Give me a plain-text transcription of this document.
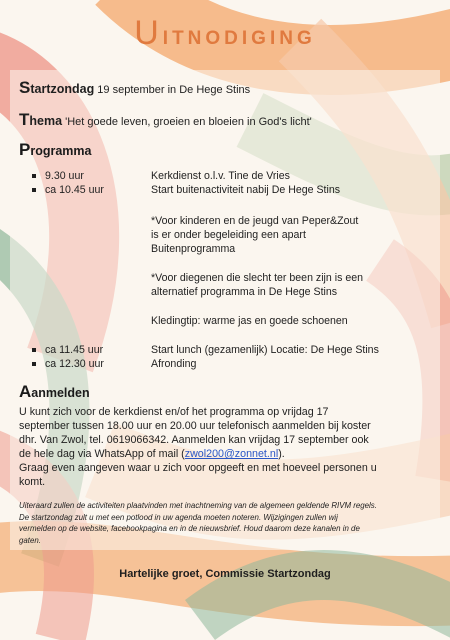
UITNODIGING
Startzondag 19 september in De Hege Stins
Thema 'Het goede leven, groeien en bloeien in God's licht'
Programma
9.30 uur	Kerkdienst o.l.v. Tine de Vries
ca 10.45 uur	Start buitenactiviteit nabij De Hege Stins
*Voor kinderen en de jeugd van Peper&Zout
is er onder begeleiding een apart
Buitenprogramma
*Voor diegenen die slecht ter been zijn is een
alternatief programma in De Hege Stins
Kledingtip: warme jas en goede schoenen
ca 11.45 uur	Start lunch (gezamenlijk) Locatie: De Hege Stins
ca 12.30 uur	Afronding
Aanmelden
U kunt zich voor de kerkdienst en/of het programma op vrijdag 17
september tussen 18.00 uur en 20.00 uur telefonisch aanmelden bij koster
dhr. Van Zwol, tel. 0619066342. Aanmelden kan vrijdag 17 september ook
de hele dag via WhatsApp of mail (zwol200@zonnet.nl).
Graag even aangeven waar u zich voor opgeeft en met hoeveel personen u
komt.
Uiteraard zullen de activiteiten plaatvinden met inachtneming van de algemeen geldende RIVM regels.
De startzondag zult u met een potlood in uw agenda moeten noteren. Wijzigingen zullen wij
vermelden op de website, facebookpagina en in de nieuwsbrief. Houd daarom deze kanalen in de
gaten.
Hartelijke groet, Commissie Startzondag
